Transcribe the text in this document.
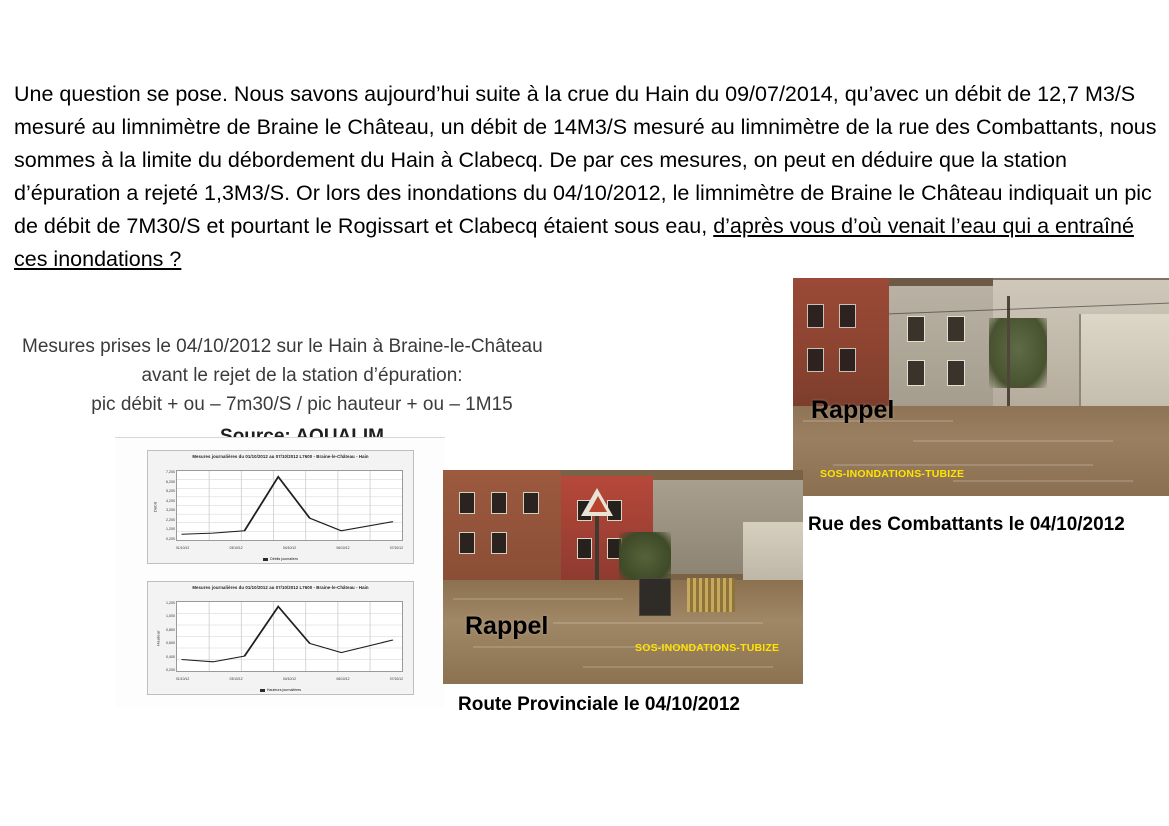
Une question se pose. Nous savons aujourd’hui suite à la crue du Hain du 09/07/2014, qu’avec un débit de 12,7 M3/S mesuré au limnimètre de Braine le Château, un débit de 14M3/S mesuré au limnimètre de la rue des Combattants, nous sommes à la limite du débordement du Hain à Clabecq. De par ces mesures, on peut en déduire que la station d’épuration a rejeté 1,3M3/S. Or lors des inondations du 04/10/2012, le limnimètre de Braine le Château indiquait un pic de débit de 7M30/S et pourtant le Rogissart et Clabecq étaient sous eau, d’après vous d’où venait l’eau qui a entraîné ces inondations ?
Mesures prises le 04/10/2012 sur le Hain à Braine-le-Château
avant le rejet de la station d’épuration:
pic débit + ou – 7m30/S / pic hauteur + ou – 1M15
Mesures journalières du 01/10/2012 au 07/10/2012 L7600 - Braine-le-Château - Hain
Débit
7,200
6,200
5,200
4,200
3,200
2,200
1,200
0,200
01/10/12	03/10/12	04/10/12	06/10/12	07/10/12
Débits journaliers
Mesures journalières du 01/10/2012 au 07/10/2012 L7600 - Braine-le-Château - Hain
Hauteur
1,200
1,000
0,800
0,600
0,400
0,200
01/10/12	03/10/12	04/10/12	06/10/12	07/10/12
Hauteurs journalières
Rappel
SOS-INONDATIONS-TUBIZE
Rue des Combattants le 04/10/2012
Rappel
SOS-INONDATIONS-TUBIZE
Route Provinciale le 04/10/2012
